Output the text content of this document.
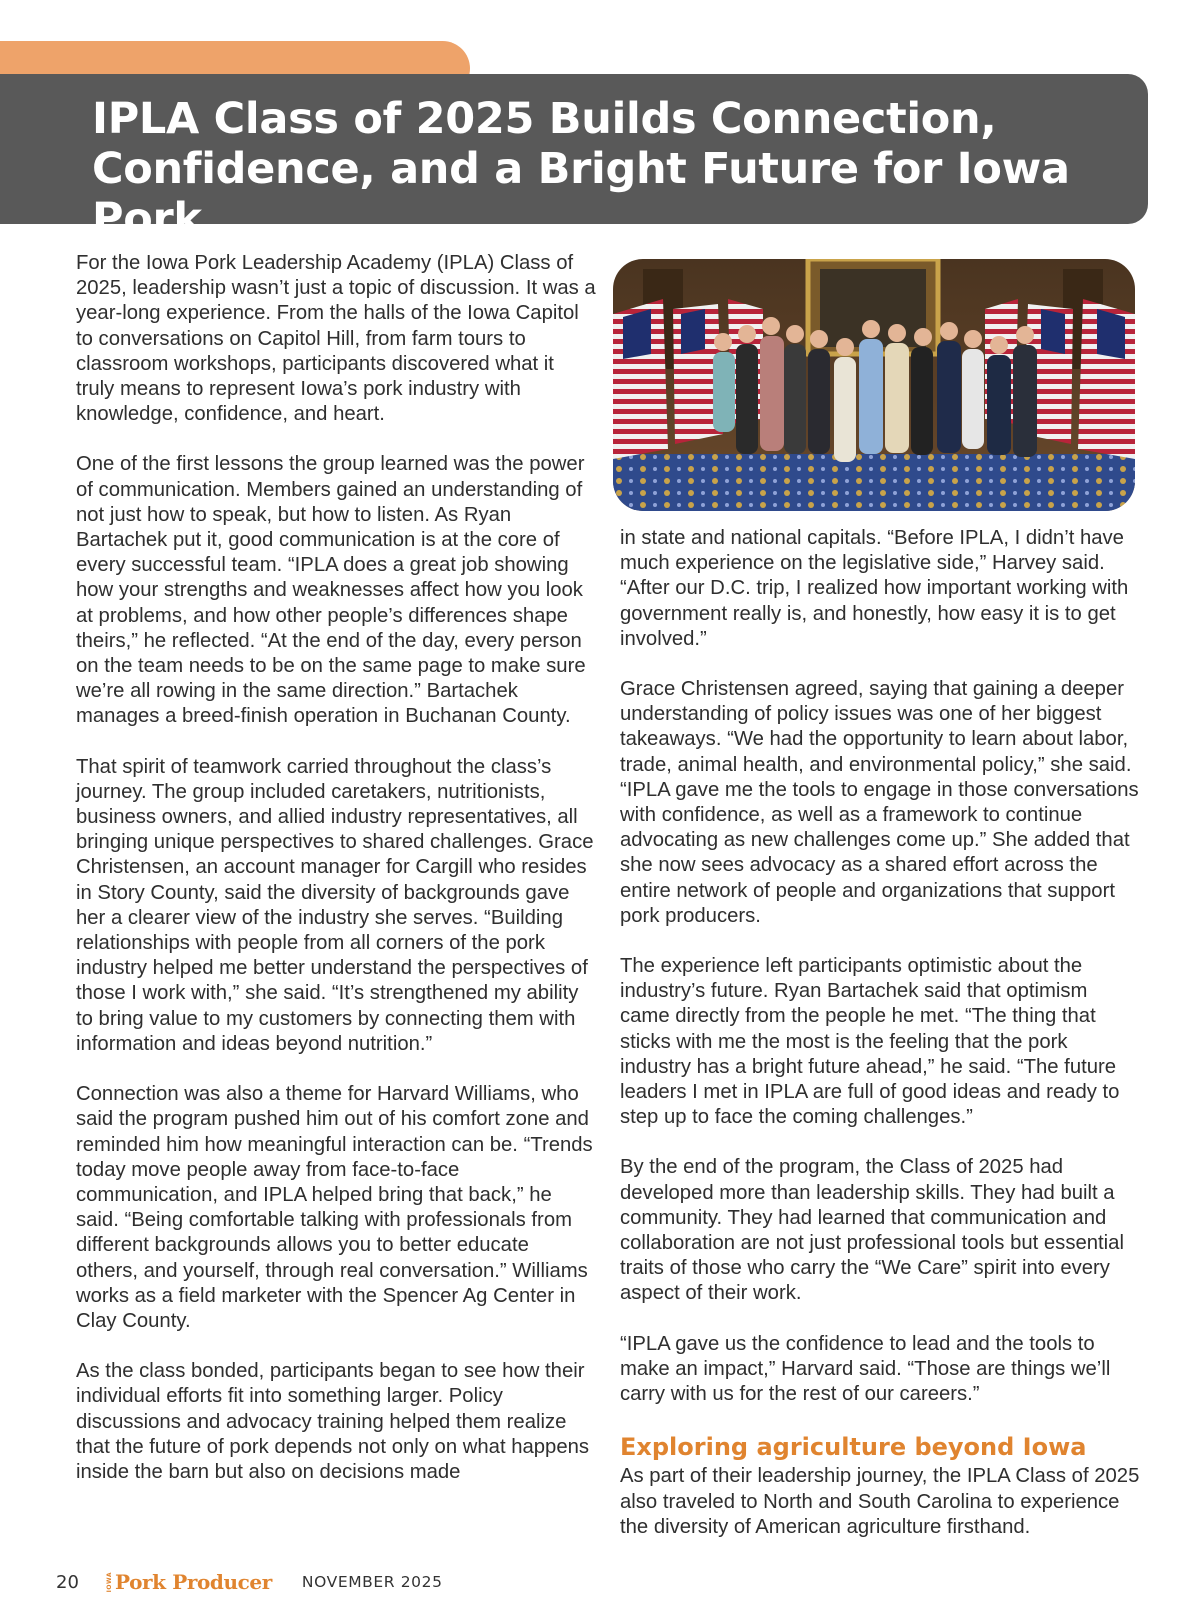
IPLA Class of 2025 Builds Connection,
Confidence, and a Bright Future for Iowa Pork

For the Iowa Pork Leadership Academy (IPLA) Class of 2025, leadership wasn’t just a topic of discussion. It was a year-long experience. From the halls of the Iowa Capitol to conversations on Capitol Hill, from farm tours to classroom workshops, participants discovered what it truly means to represent Iowa’s pork industry with knowledge, confidence, and heart.

One of the first lessons the group learned was the power of communication. Members gained an understanding of not just how to speak, but how to listen. As Ryan Bartachek put it, good communication is at the core of every successful team. “IPLA does a great job showing how your strengths and weaknesses affect how you look at problems, and how other people’s differences shape theirs,” he reflected. “At the end of the day, every person on the team needs to be on the same page to make sure we’re all rowing in the same direction.” Bartachek manages a breed-finish operation in Buchanan County.

That spirit of teamwork carried throughout the class’s journey. The group included caretakers, nutritionists, business owners, and allied industry representatives, all bringing unique perspectives to shared challenges. Grace Christensen, an account manager for Cargill who resides in Story County, said the diversity of backgrounds gave her a clearer view of the industry she serves. “Building relationships with people from all corners of the pork industry helped me better understand the perspectives of those I work with,” she said. “It’s strengthened my ability to bring value to my customers by connecting them with information and ideas beyond nutrition.”

Connection was also a theme for Harvard Williams, who said the program pushed him out of his comfort zone and reminded him how meaningful interaction can be. “Trends today move people away from face-to-face communication, and IPLA helped bring that back,” he said. “Being comfortable talking with professionals from different backgrounds allows you to better educate others, and yourself, through real conversation.” Williams works as a field marketer with the Spencer Ag Center in Clay County.

As the class bonded, participants began to see how their individual efforts fit into something larger. Policy discussions and advocacy training helped them realize that the future of pork depends not only on what happens inside the barn but also on decisions made

in state and national capitals. “Before IPLA, I didn’t have much experience on the legislative side,” Harvey said. “After our D.C. trip, I realized how important working with government really is, and honestly, how easy it is to get involved.”

Grace Christensen agreed, saying that gaining a deeper understanding of policy issues was one of her biggest takeaways. “We had the opportunity to learn about labor, trade, animal health, and environmental policy,” she said. “IPLA gave me the tools to engage in those conversations with confidence, as well as a framework to continue advocating as new challenges come up.” She added that she now sees advocacy as a shared effort across the entire network of people and organizations that support pork producers.

The experience left participants optimistic about the industry’s future. Ryan Bartachek said that optimism came directly from the people he met. “The thing that sticks with me the most is the feeling that the pork industry has a bright future ahead,” he said. “The future leaders I met in IPLA are full of good ideas and ready to step up to face the coming challenges.”

By the end of the program, the Class of 2025 had developed more than leadership skills. They had built a community. They had learned that communication and collaboration are not just professional tools but essential traits of those who carry the “We Care” spirit into every aspect of their work.

“IPLA gave us the confidence to lead and the tools to make an impact,” Harvard said. “Those are things we’ll carry with us for the rest of our careers.”

Exploring agriculture beyond Iowa

As part of their leadership journey, the IPLA Class of 2025 also traveled to North and South Carolina to experience the diversity of American agriculture firsthand.

20	IOWA Pork Producer NOVEMBER 2025
